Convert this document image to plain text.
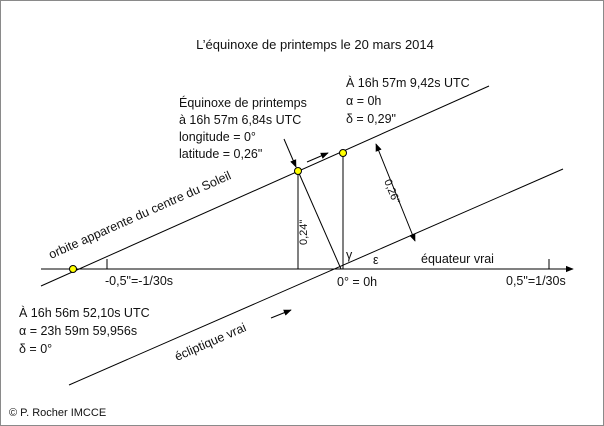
L’équinoxe de printemps le 20 mars 2014
orbite apparente du centre du Soleil	équateur vrai
écliptique vrai
-0,5"=-1/30s	0° = 0h	0,5"=1/30s
γ ε
0,24"
0,26"
À 16h 56m 52,10s UTC
α = 23h 59m 59,956s
δ = 0°
Équinoxe de printemps
à 16h 57m 6,84s UTC
longitude = 0°
latitude = 0,26"
À 16h 57m 9,42s UTC
α = 0h
δ = 0,29"
© P. Rocher IMCCE
